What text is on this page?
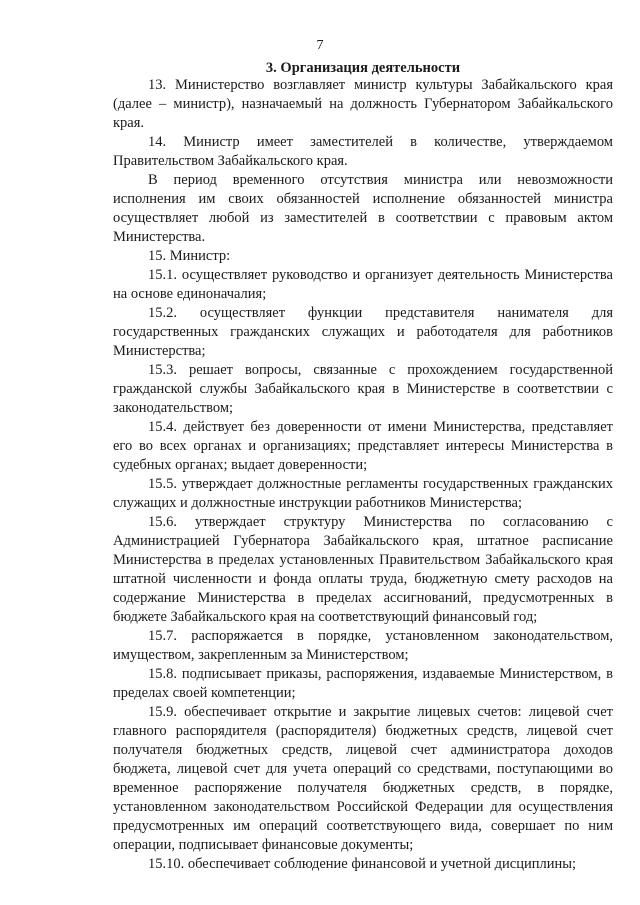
7
3. Организация деятельности

13. Министерство возглавляет министр культуры Забайкальского края (далее – министр), назначаемый на должность Губернатором Забайкальского края.

14. Министр имеет заместителей в количестве, утверждаемом Правительством Забайкальского края.

В период временного отсутствия министра или невозможности исполнения им своих обязанностей исполнение обязанностей министра осуществляет любой из заместителей в соответствии с правовым актом Министерства.

15. Министр:

15.1. осуществляет руководство и организует деятельность Министерства на основе единоначалия;

15.2. осуществляет функции представителя нанимателя для государственных гражданских служащих и работодателя для работников Министерства;

15.3. решает вопросы, связанные с прохождением государственной гражданской службы Забайкальского края в Министерстве в соответствии с законодательством;

15.4. действует без доверенности от имени Министерства, представляет его во всех органах и организациях; представляет интересы Министерства в судебных органах; выдает доверенности;

15.5. утверждает должностные регламенты государственных гражданских служащих и должностные инструкции работников Министерства;

15.6. утверждает структуру Министерства по согласованию с Администрацией Губернатора Забайкальского края, штатное расписание Министерства в пределах установленных Правительством Забайкальского края штатной численности и фонда оплаты труда, бюджетную смету расходов на содержание Министерства в пределах ассигнований, предусмотренных в бюджете Забайкальского края на соответствующий финансовый год;

15.7. распоряжается в порядке, установленном законодательством, имуществом, закрепленным за Министерством;

15.8. подписывает приказы, распоряжения, издаваемые Министерством, в пределах своей компетенции;

15.9. обеспечивает открытие и закрытие лицевых счетов: лицевой счет главного распорядителя (распорядителя) бюджетных средств, лицевой счет получателя бюджетных средств, лицевой счет администратора доходов бюджета, лицевой счет для учета операций со средствами, поступающими во временное распоряжение получателя бюджетных средств, в порядке, установленном законодательством Российской Федерации для осуществления предусмотренных им операций соответствующего вида, совершает по ним операции, подписывает финансовые документы;

15.10. обеспечивает соблюдение финансовой и учетной дисциплины;
